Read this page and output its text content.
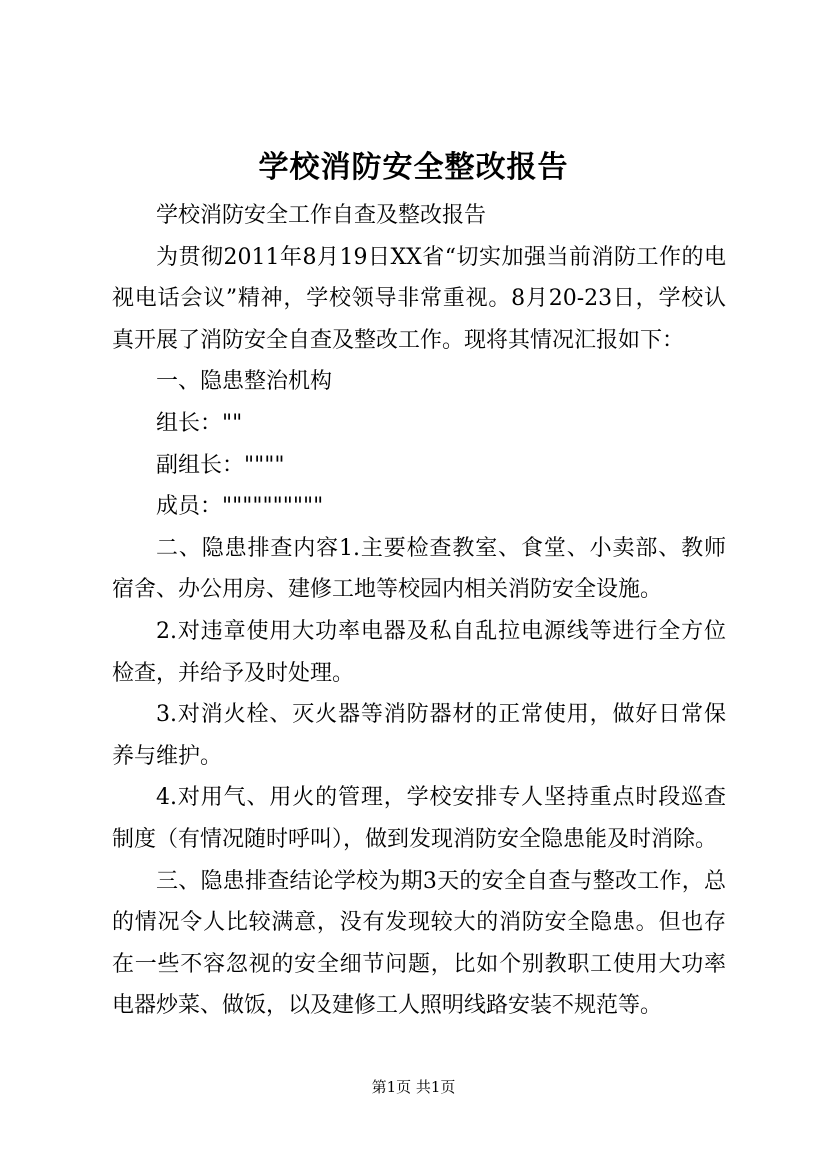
学校消防安全整改报告

学校消防安全工作自查及整改报告

为贯彻2011年8月19日XX省“切实加强当前消防工作的电视电话会议”精神，学校领导非常重视。8月20-23日，学校认真开展了消防安全自查及整改工作。现将其情况汇报如下：

一、隐患整治机构

组长：""

副组长：""""

成员：""""""""""

二、隐患排查内容1.主要检查教室、食堂、小卖部、教师宿舍、办公用房、建修工地等校园内相关消防安全设施。

2.对违章使用大功率电器及私自乱拉电源线等进行全方位检查，并给予及时处理。

3.对消火栓、灭火器等消防器材的正常使用，做好日常保养与维护。

4.对用气、用火的管理，学校安排专人坚持重点时段巡查制度（有情况随时呼叫），做到发现消防安全隐患能及时消除。

三、隐患排查结论学校为期3天的安全自查与整改工作，总的情况令人比较满意，没有发现较大的消防安全隐患。但也存在一些不容忽视的安全细节问题，比如个别教职工使用大功率电器炒菜、做饭，以及建修工人照明线路安装不规范等。

第1页 共1页
